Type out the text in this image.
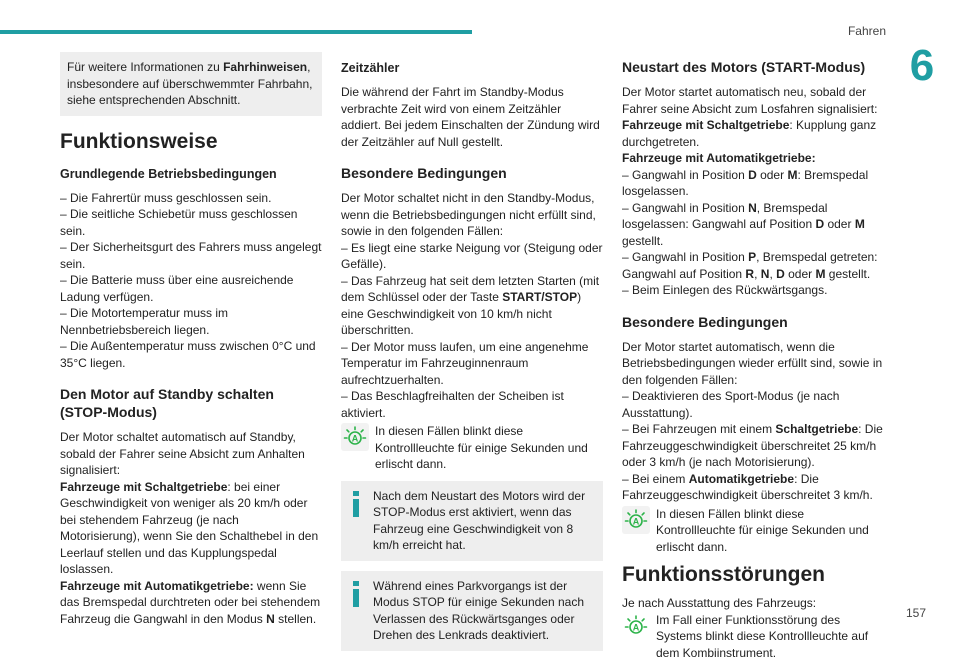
Fahren
6
157

Für weitere Informationen zu Fahrhinweisen, insbesondere auf überschwemmter Fahrbahn, siehe entsprechenden Abschnitt.

Funktionsweise
Grundlegende Betriebsbedingungen

– Die Fahrertür muss geschlossen sein.

– Die seitliche Schiebetür muss geschlossen sein.

– Der Sicherheitsgurt des Fahrers muss angelegt sein.

– Die Batterie muss über eine ausreichende Ladung verfügen.

– Die Motortemperatur muss im Nennbetriebsbereich liegen.

– Die Außentemperatur muss zwischen 0°C und 35°C liegen.

Den Motor auf Standby schalten (STOP-Modus)

Der Motor schaltet automatisch auf Standby, sobald der Fahrer seine Absicht zum Anhalten signalisiert:

Fahrzeuge mit Schaltgetriebe: bei einer Geschwindigkeit von weniger als 20 km/h oder bei stehendem Fahrzeug (je nach Motorisierung), wenn Sie den Schalthebel in den Leerlauf stellen und das Kupplungspedal loslassen.

Fahrzeuge mit Automatikgetriebe: wenn Sie das Bremspedal durchtreten oder bei stehendem Fahrzeug die Gangwahl in den Modus N stellen.

Zeitzähler

Die während der Fahrt im Standby-Modus verbrachte Zeit wird von einem Zeitzähler addiert. Bei jedem Einschalten der Zündung wird der Zeitzähler auf Null gestellt.

Besondere Bedingungen

Der Motor schaltet nicht in den Standby-Modus, wenn die Betriebsbedingungen nicht erfüllt sind, sowie in den folgenden Fällen:

– Es liegt eine starke Neigung vor (Steigung oder Gefälle).

– Das Fahrzeug hat seit dem letzten Starten (mit dem Schlüssel oder der Taste START/STOP) eine Geschwindigkeit von 10 km/h nicht überschritten.

– Der Motor muss laufen, um eine angenehme Temperatur im Fahrzeuginnenraum aufrechtzuerhalten.

– Das Beschlagfreihalten der Scheiben ist aktiviert.

A

In diesen Fällen blinkt diese Kontrollleuchte für einige Sekunden und erlischt dann.

Nach dem Neustart des Motors wird der STOP-Modus erst aktiviert, wenn das Fahrzeug eine Geschwindigkeit von 8 km/h erreicht hat.

Während eines Parkvorgangs ist der Modus STOP für einige Sekunden nach Verlassen des Rückwärtsganges oder Drehen des Lenkrads deaktiviert.

Neustart des Motors (START-Modus)

Der Motor startet automatisch neu, sobald der Fahrer seine Absicht zum Losfahren signalisiert:

Fahrzeuge mit Schaltgetriebe: Kupplung ganz durchgetreten.

Fahrzeuge mit Automatikgetriebe:

– Gangwahl in Position D oder M: Bremspedal losgelassen.

– Gangwahl in Position N, Bremspedal losgelassen: Gangwahl auf Position D oder M gestellt.

– Gangwahl in Position P, Bremspedal getreten: Gangwahl auf Position R, N, D oder M gestellt.

– Beim Einlegen des Rückwärtsgangs.

Besondere Bedingungen

Der Motor startet automatisch, wenn die Betriebsbedingungen wieder erfüllt sind, sowie in den folgenden Fällen:

– Deaktivieren des Sport-Modus (je nach Ausstattung).

– Bei Fahrzeugen mit einem Schaltgetriebe: Die Fahrzeuggeschwindigkeit überschreitet 25 km/h oder 3 km/h (je nach Motorisierung).

– Bei einem Automatikgetriebe: Die Fahrzeuggeschwindigkeit überschreitet 3 km/h.

A

In diesen Fällen blinkt diese Kontrollleuchte für einige Sekunden und erlischt dann.

Funktionsstörungen

Je nach Ausstattung des Fahrzeugs:

A

Im Fall einer Funktionsstörung des Systems blinkt diese Kontrollleuchte auf dem Kombiinstrument.
